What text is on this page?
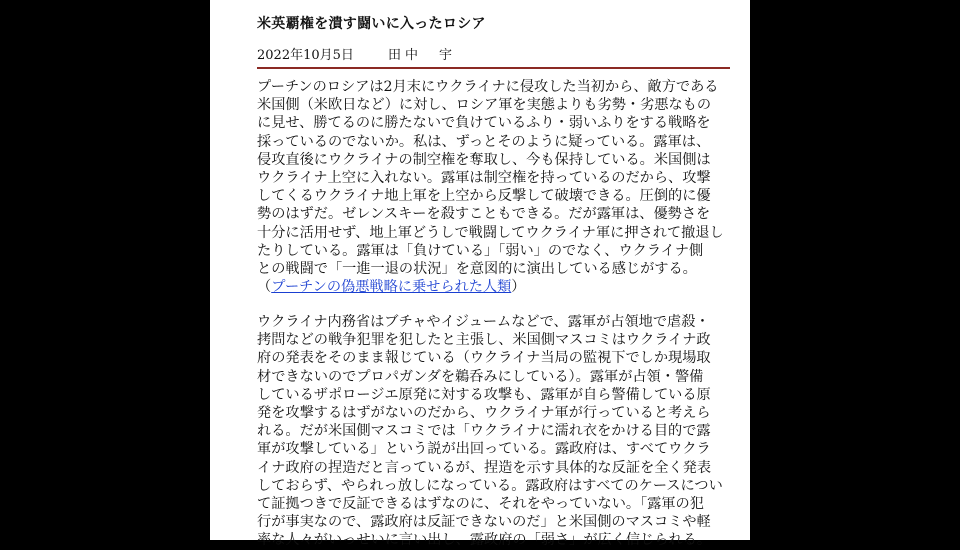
米英覇権を潰す闘いに入ったロシア
2022年10月5日	田中　宇
プーチンのロシアは2月末にウクライナに侵攻した当初から、敵方である
米国側（米欧日など）に対し、ロシア軍を実態よりも劣勢・劣悪なもの
に見せ、勝てるのに勝たないで負けているふり・弱いふりをする戦略を
採っているのでないか。私は、ずっとそのように疑っている。露軍は、
侵攻直後にウクライナの制空権を奪取し、今も保持している。米国側は
ウクライナ上空に入れない。露軍は制空権を持っているのだから、攻撃
してくるウクライナ地上軍を上空から反撃して破壊できる。圧倒的に優
勢のはずだ。ゼレンスキーを殺すこともできる。だが露軍は、優勢さを
十分に活用せず、地上軍どうしで戦闘してウクライナ軍に押されて撤退し
たりしている。露軍は「負けている」「弱い」のでなく、ウクライナ側
との戦闘で「一進一退の状況」を意図的に演出している感じがする。
（プーチンの偽悪戦略に乗せられた人類）
ウクライナ内務省はブチャやイジュームなどで、露軍が占領地で虐殺・
拷問などの戦争犯罪を犯したと主張し、米国側マスコミはウクライナ政
府の発表をそのまま報じている（ウクライナ当局の監視下でしか現場取
材できないのでプロパガンダを鵜呑みにしている）。露軍が占領・警備
しているザポロージエ原発に対する攻撃も、露軍が自ら警備している原
発を攻撃するはずがないのだから、ウクライナ軍が行っていると考えら
れる。だが米国側マスコミでは「ウクライナに濡れ衣をかける目的で露
軍が攻撃している」という説が出回っている。露政府は、すべてウクラ
イナ政府の捏造だと言っているが、捏造を示す具体的な反証を全く発表
しておらず、やられっ放しになっている。露政府はすべてのケースについ
て証拠つきで反証できるはずなのに、それをやっていない。「露軍の犯
行が事実なので、露政府は反証できないのだ」と米国側のマスコミや軽
率な人々がいっせいに言い出し、露政府の「弱さ」が広く信じられる。
